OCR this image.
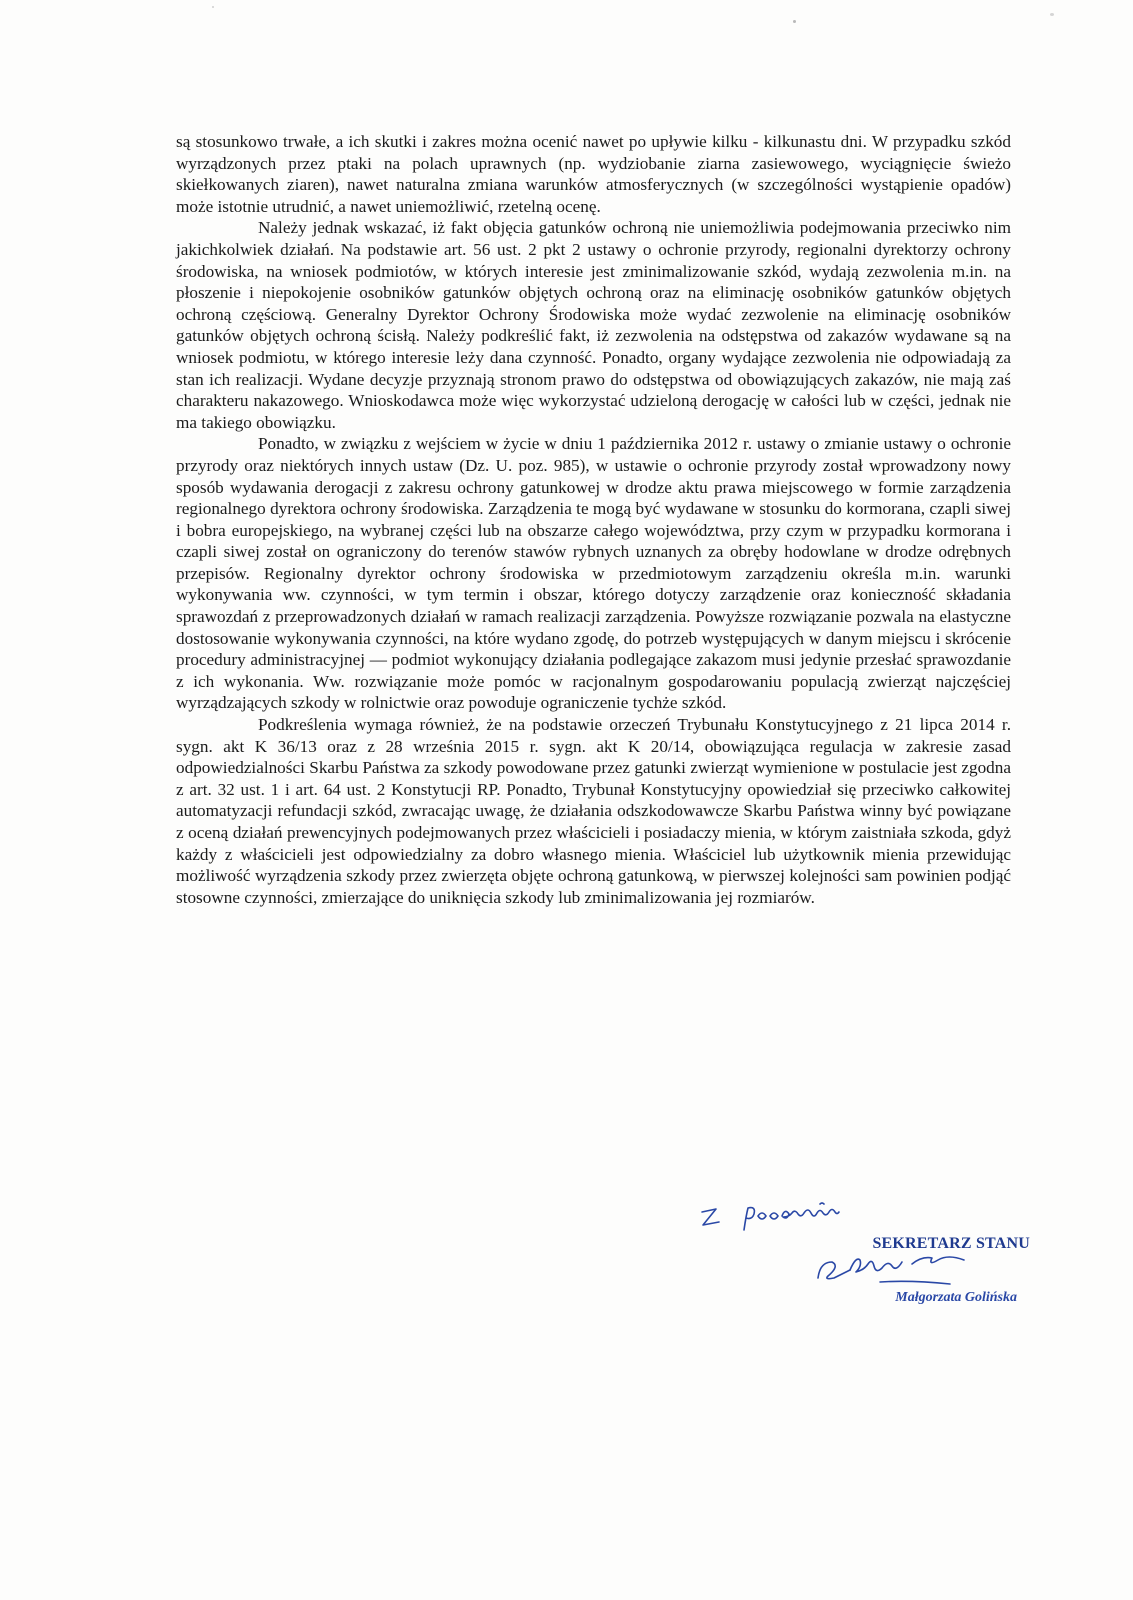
są stosunkowo trwałe, a ich skutki i zakres można ocenić nawet po upływie kilku - kilkunastu dni. W przypadku szkód wyrządzonych przez ptaki na polach uprawnych (np. wydziobanie ziarna zasiewowego, wyciągnięcie świeżo skiełkowanych ziaren), nawet naturalna zmiana warunków atmosferycznych (w szczególności wystąpienie opadów) może istotnie utrudnić, a nawet uniemożliwić, rzetelną ocenę.

Należy jednak wskazać, iż fakt objęcia gatunków ochroną nie uniemożliwia podejmowania przeciwko nim jakichkolwiek działań. Na podstawie art. 56 ust. 2 pkt 2 ustawy o ochronie przyrody, regionalni dyrektorzy ochrony środowiska, na wniosek podmiotów, w których interesie jest zminimalizowanie szkód, wydają zezwolenia m.in. na płoszenie i niepokojenie osobników gatunków objętych ochroną oraz na eliminację osobników gatunków objętych ochroną częściową. Generalny Dyrektor Ochrony Środowiska może wydać zezwolenie na eliminację osobników gatunków objętych ochroną ścisłą. Należy podkreślić fakt, iż zezwolenia na odstępstwa od zakazów wydawane są na wniosek podmiotu, w którego interesie leży dana czynność. Ponadto, organy wydające zezwolenia nie odpowiadają za stan ich realizacji. Wydane decyzje przyznają stronom prawo do odstępstwa od obowiązujących zakazów, nie mają zaś charakteru nakazowego. Wnioskodawca może więc wykorzystać udzieloną derogację w całości lub w części, jednak nie ma takiego obowiązku.

Ponadto, w związku z wejściem w życie w dniu 1 października 2012 r. ustawy o zmianie ustawy o ochronie przyrody oraz niektórych innych ustaw (Dz. U. poz. 985), w ustawie o ochronie przyrody został wprowadzony nowy sposób wydawania derogacji z zakresu ochrony gatunkowej w drodze aktu prawa miejscowego w formie zarządzenia regionalnego dyrektora ochrony środowiska. Zarządzenia te mogą być wydawane w stosunku do kormorana, czapli siwej i bobra europejskiego, na wybranej części lub na obszarze całego województwa, przy czym w przypadku kormorana i czapli siwej został on ograniczony do terenów stawów rybnych uznanych za obręby hodowlane w drodze odrębnych przepisów. Regionalny dyrektor ochrony środowiska w przedmiotowym zarządzeniu określa m.in. warunki wykonywania ww. czynności, w tym termin i obszar, którego dotyczy zarządzenie oraz konieczność składania sprawozdań z przeprowadzonych działań w ramach realizacji zarządzenia. Powyższe rozwiązanie pozwala na elastyczne dostosowanie wykonywania czynności, na które wydano zgodę, do potrzeb występujących w danym miejscu i skrócenie procedury administracyjnej — podmiot wykonujący działania podlegające zakazom musi jedynie przesłać sprawozdanie z ich wykonania. Ww. rozwiązanie może pomóc w racjonalnym gospodarowaniu populacją zwierząt najczęściej wyrządzających szkody w rolnictwie oraz powoduje ograniczenie tychże szkód.

Podkreślenia wymaga również, że na podstawie orzeczeń Trybunału Konstytucyjnego z 21 lipca 2014 r. sygn. akt K 36/13 oraz z 28 września 2015 r. sygn. akt K 20/14, obowiązująca regulacja w zakresie zasad odpowiedzialności Skarbu Państwa za szkody powodowane przez gatunki zwierząt wymienione w postulacie jest zgodna z art. 32 ust. 1 i art. 64 ust. 2 Konstytucji RP. Ponadto, Trybunał Konstytucyjny opowiedział się przeciwko całkowitej automatyzacji refundacji szkód, zwracając uwagę, że działania odszkodowawcze Skarbu Państwa winny być powiązane z oceną działań prewencyjnych podejmowanych przez właścicieli i posiadaczy mienia, w którym zaistniała szkoda, gdyż każdy z właścicieli jest odpowiedzialny za dobro własnego mienia. Właściciel lub użytkownik mienia przewidując możliwość wyrządzenia szkody przez zwierzęta objęte ochroną gatunkową, w pierwszej kolejności sam powinien podjąć stosowne czynności, zmierzające do uniknięcia szkody lub zminimalizowania jej rozmiarów.

SEKRETARZ STANU
Małgorzata Golińska
